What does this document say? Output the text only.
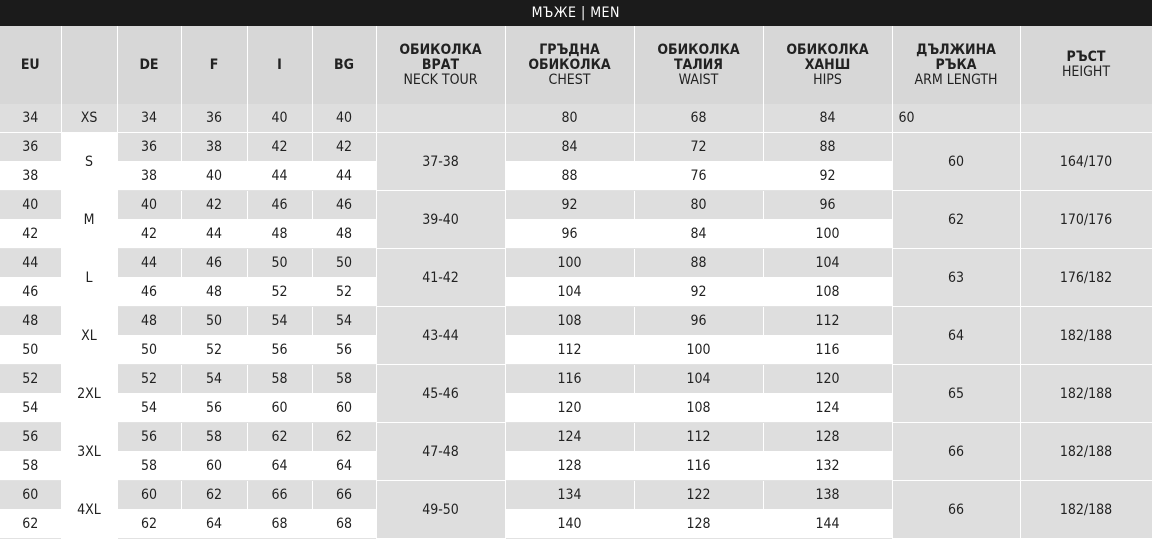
МЪЖЕ | MEN											

EU		DE	F	I	BG	ОБИКОЛКА
ВРАТ
NECK TOUR	ГРЪДНА
ОБИКОЛКА
CHEST	ОБИКОЛКА
ТАЛИЯ
WAIST	ОБИКОЛКА
ХАНШ
HIPS	ДЪЛЖИНА
РЪКА
ARM LENGTH	РЪСТ
HEIGHT

34	XS	34	36	40	40		80	68	84	60	
36	S	36	38	42	42	37-38	84	72	88	60	164/170
38		38	40	44	44		88	76	92		
40	M	40	42	46	46	39-40	92	80	96	62	170/176
42		42	44	48	48		96	84	100		
44	L	44	46	50	50	41-42	100	88	104	63	176/182
46		46	48	52	52		104	92	108		
48	XL	48	50	54	54	43-44	108	96	112	64	182/188
50		50	52	56	56		112	100	116		
52	2XL	52	54	58	58	45-46	116	104	120	65	182/188
54		54	56	60	60		120	108	124		
56	3XL	56	58	62	62	47-48	124	112	128	66	182/188
58		58	60	64	64		128	116	132		
60	4XL	60	62	66	66	49-50	134	122	138	66	182/188
62		62	64	68	68		140	128	144		
